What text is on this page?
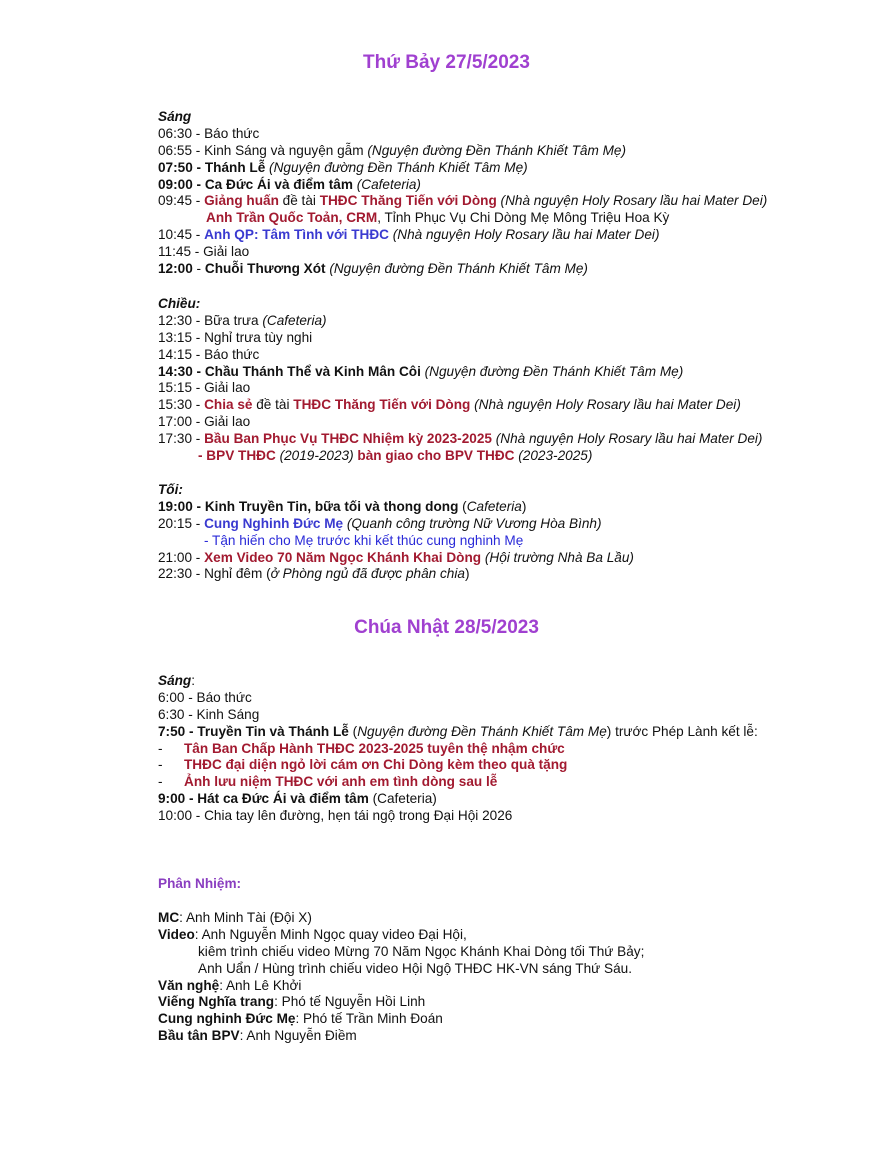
Thứ Bảy 27/5/2023
Sáng
06:30 - Báo thức
06:55 - Kinh Sáng và nguyện gẫm (Nguyện đường Đền Thánh Khiết Tâm Mẹ)
07:50 - Thánh Lễ (Nguyện đường Đền Thánh Khiết Tâm Mẹ)
09:00 - Ca Đức Ái và điểm tâm (Cafeteria)
09:45 - Giảng huấn đề tài THĐC Thăng Tiến với Dòng (Nhà nguyện Holy Rosary lầu hai Mater Dei)
Anh Trần Quốc Toản, CRM, Tỉnh Phục Vụ Chi Dòng Mẹ Mông Triệu Hoa Kỳ
10:45 - Anh QP: Tâm Tình với THĐC (Nhà nguyện Holy Rosary lầu hai Mater Dei)
11:45 - Giải lao
12:00 - Chuỗi Thương Xót (Nguyện đường Đền Thánh Khiết Tâm Mẹ)
Chiều:
12:30 - Bữa trưa (Cafeteria)
13:15 - Nghỉ trưa tùy nghi
14:15 - Báo thức
14:30 - Chầu Thánh Thể và Kinh Mân Côi (Nguyện đường Đền Thánh Khiết Tâm Mẹ)
15:15 - Giải lao
15:30 - Chia sẻ đề tài THĐC Thăng Tiến với Dòng (Nhà nguyện Holy Rosary lầu hai Mater Dei)
17:00 - Giải lao
17:30 - Bầu Ban Phục Vụ THĐC Nhiệm kỳ 2023-2025 (Nhà nguyện Holy Rosary lầu hai Mater Dei)
- BPV THĐC (2019-2023) bàn giao cho BPV THĐC (2023-2025)
Tối:
19:00 - Kinh Truyền Tin, bữa tối và thong dong (Cafeteria)
20:15 - Cung Nghinh Đức Mẹ (Quanh công trường Nữ Vương Hòa Bình)
- Tận hiến cho Mẹ trước khi kết thúc cung nghinh Mẹ
21:00 - Xem Video 70 Năm Ngọc Khánh Khai Dòng (Hội trường Nhà Ba Lầu)
22:30 - Nghỉ đêm (ở Phòng ngủ đã được phân chia)
Chúa Nhật 28/5/2023
Sáng:
6:00 - Báo thức
6:30 - Kinh Sáng
7:50 - Truyền Tin và Thánh Lễ (Nguyện đường Đền Thánh Khiết Tâm Mẹ) trước Phép Lành kết lễ:
- Tân Ban Chấp Hành THĐC 2023-2025 tuyên thệ nhậm chức
- THĐC đại diện ngỏ lời cám ơn Chi Dòng kèm theo quà tặng
- Ảnh lưu niệm THĐC với anh em tình dòng sau lễ
9:00 - Hát ca Đức Ái và điểm tâm (Cafeteria)
10:00 - Chia tay lên đường, hẹn tái ngộ trong Đại Hội 2026
Phân Nhiệm:
MC: Anh Minh Tài (Đội X)
Video: Anh Nguyễn Minh Ngọc quay video Đại Hội,
kiêm trình chiếu video Mừng 70 Năm Ngọc Khánh Khai Dòng tối Thứ Bảy;
Anh Uẩn / Hùng trình chiếu video Hội Ngộ THĐC HK-VN sáng Thứ Sáu.
Văn nghệ: Anh Lê Khởi
Viếng Nghĩa trang: Phó tế Nguyễn Hồi Linh
Cung nghinh Đức Mẹ: Phó tế Trần Minh Đoán
Bầu tân BPV: Anh Nguyễn Điềm
